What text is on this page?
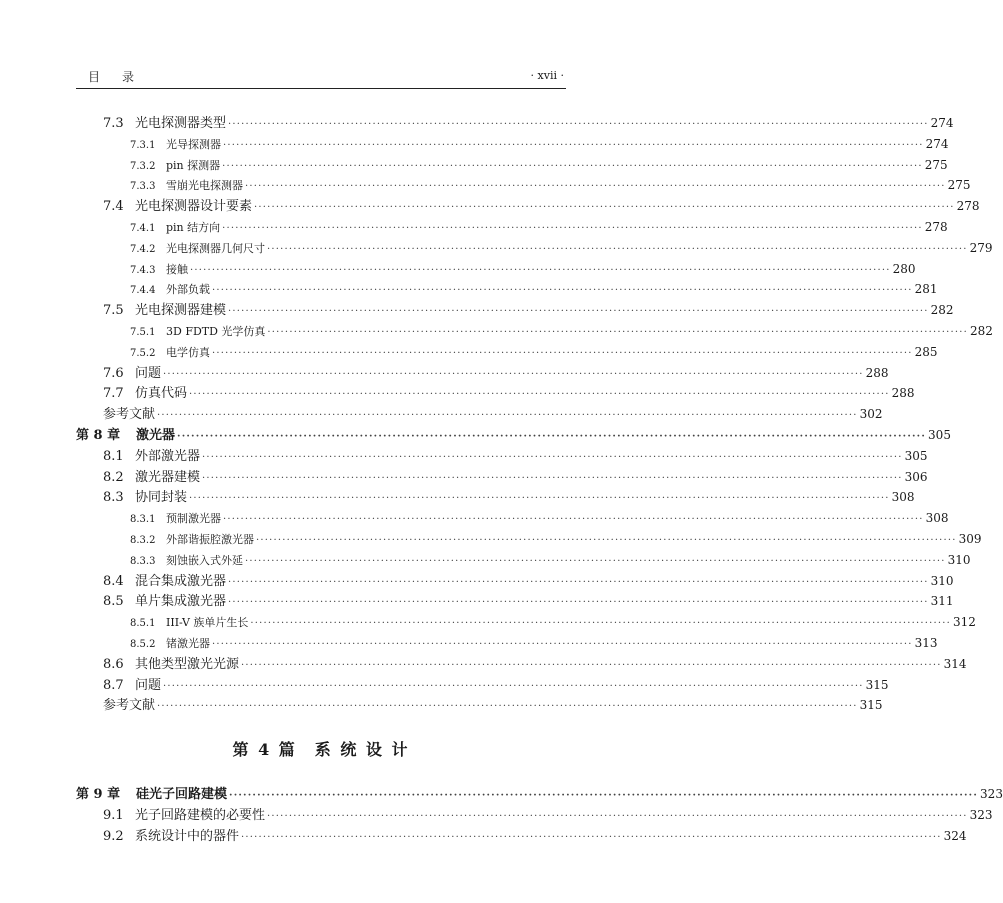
目录	· xvii ·
7.3 光电探测器类型 ································································································································································ 274
7.3.1 光导探测器 ································································································································································ 274
7.3.2 pin 探测器 ································································································································································ 275
7.3.3 雪崩光电探测器 ································································································································································ 275
7.4 光电探测器设计要素 ································································································································································ 278
7.4.1 pin 结方向 ································································································································································ 278
7.4.2 光电探测器几何尺寸 ································································································································································ 279
7.4.3 接触 ································································································································································ 280
7.4.4 外部负载 ································································································································································ 281
7.5 光电探测器建模 ································································································································································ 282
7.5.1 3D FDTD 光学仿真 ································································································································································ 282
7.5.2 电学仿真 ································································································································································ 285
7.6 问题 ································································································································································ 288
7.7 仿真代码 ································································································································································ 288
参考文献 ································································································································································ 302
第 8 章	激光器 ································································································································································ 305
8.1 外部激光器 ································································································································································ 305
8.2 激光器建模 ································································································································································ 306
8.3 协同封装 ································································································································································ 308
8.3.1 预制激光器 ································································································································································ 308
8.3.2 外部谐振腔激光器 ································································································································································ 309
8.3.3 刻蚀嵌入式外延 ································································································································································ 310
8.4 混合集成激光器 ································································································································································ 310
8.5 单片集成激光器 ································································································································································ 311
8.5.1 III-V 族单片生长 ································································································································································ 312
8.5.2 锗激光器 ································································································································································ 313
8.6 其他类型激光光源 ································································································································································ 314
8.7 问题 ································································································································································ 315
参考文献 ································································································································································ 315
第 4 篇　系 统 设 计
第 9 章	硅光子回路建模 ································································································································································ 323
9.1 光子回路建模的必要性 ································································································································································ 323
9.2 系统设计中的器件 ································································································································································ 324
